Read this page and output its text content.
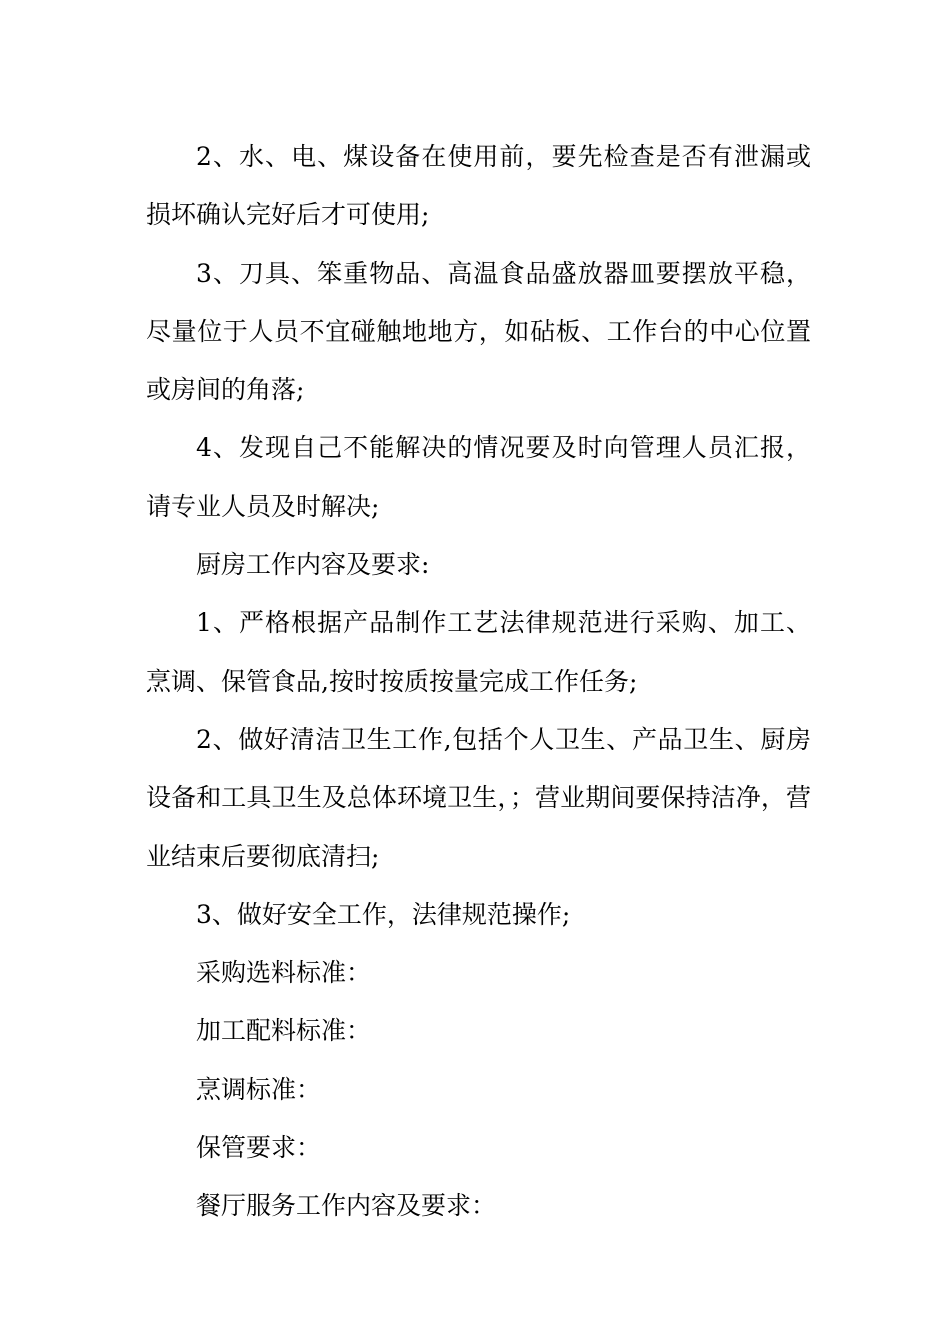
2、水、电、煤设备在使用前，要先检查是否有泄漏或损坏确认完好后才可使用;

3、刀具、笨重物品、高温食品盛放器皿要摆放平稳，尽量位于人员不宜碰触地地方，如砧板、工作台的中心位置或房间的角落;

4、发现自己不能解决的情况要及时向管理人员汇报，请专业人员及时解决;

厨房工作内容及要求:

1、严格根据产品制作工艺法律规范进行采购、加工、烹调、保管食品,按时按质按量完成工作任务;

2、做好清洁卫生工作,包括个人卫生、产品卫生、厨房设备和工具卫生及总体环境卫生，；营业期间要保持洁净，营业结束后要彻底清扫;

3、做好安全工作，法律规范操作;

采购选料标准：

加工配料标准：

烹调标准：

保管要求：

餐厅服务工作内容及要求：
